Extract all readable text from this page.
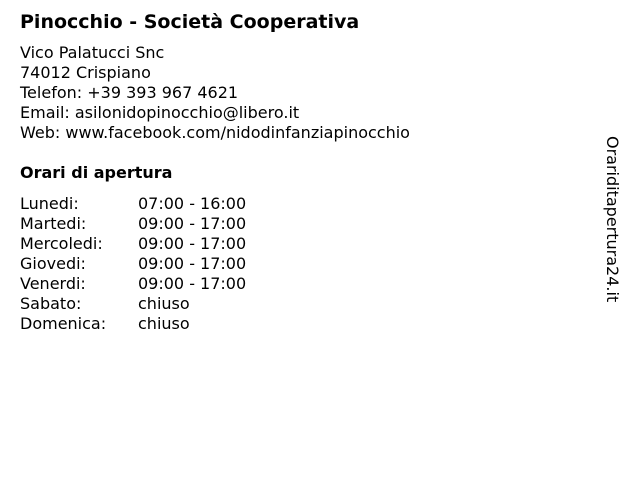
Pinocchio - Società Cooperativa
Vico Palatucci Snc
74012 Crispiano
Telefon: +39 393 967 4621
Email: asilonidopinocchio@libero.it
Web: www.facebook.com/nidodinfanziapinocchio
Orari di apertura
Lunedi:	07:00 - 16:00
Martedi:	09:00 - 17:00
Mercoledi: 09:00 - 17:00
Giovedi:	09:00 - 17:00
Venerdi:	09:00 - 17:00
Sabato:	chiuso
Domenica: chiuso
Orariditapertura24.it
